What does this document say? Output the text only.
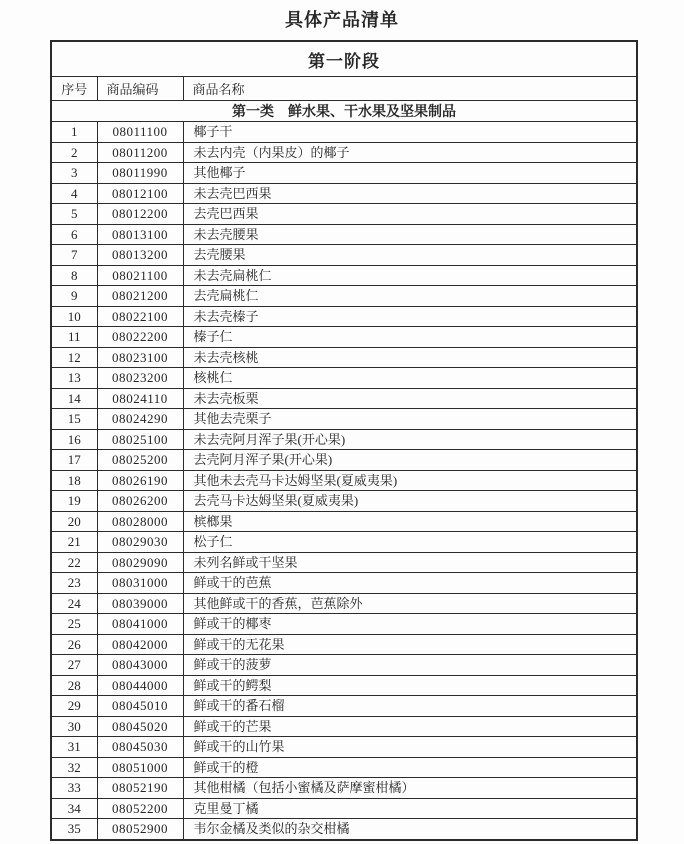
具体产品清单
第一阶段		
序号	商品编码	商品名称
第一类　鲜水果、干水果及坚果制品		
1	08011100	椰子干
2	08011200	未去内壳（内果皮）的椰子
3	08011990	其他椰子
4	08012100	未去壳巴西果
5	08012200	去壳巴西果
6	08013100	未去壳腰果
7	08013200	去壳腰果
8	08021100	未去壳扁桃仁
9	08021200	去壳扁桃仁
10	08022100	未去壳榛子
11	08022200	榛子仁
12	08023100	未去壳核桃
13	08023200	核桃仁
14	08024110	未去壳板栗
15	08024290	其他去壳栗子
16	08025100	未去壳阿月浑子果(开心果)
17	08025200	去壳阿月浑子果(开心果)
18	08026190	其他未去壳马卡达姆坚果(夏威夷果)
19	08026200	去壳马卡达姆坚果(夏威夷果)
20	08028000	槟榔果
21	08029030	松子仁
22	08029090	未列名鲜或干坚果
23	08031000	鲜或干的芭蕉
24	08039000	其他鲜或干的香蕉，芭蕉除外
25	08041000	鲜或干的椰枣
26	08042000	鲜或干的无花果
27	08043000	鲜或干的菠萝
28	08044000	鲜或干的鳄梨
29	08045010	鲜或干的番石榴
30	08045020	鲜或干的芒果
31	08045030	鲜或干的山竹果
32	08051000	鲜或干的橙
33	08052190	其他柑橘（包括小蜜橘及萨摩蜜柑橘）
34	08052200	克里曼丁橘
35	08052900	韦尔金橘及类似的杂交柑橘
